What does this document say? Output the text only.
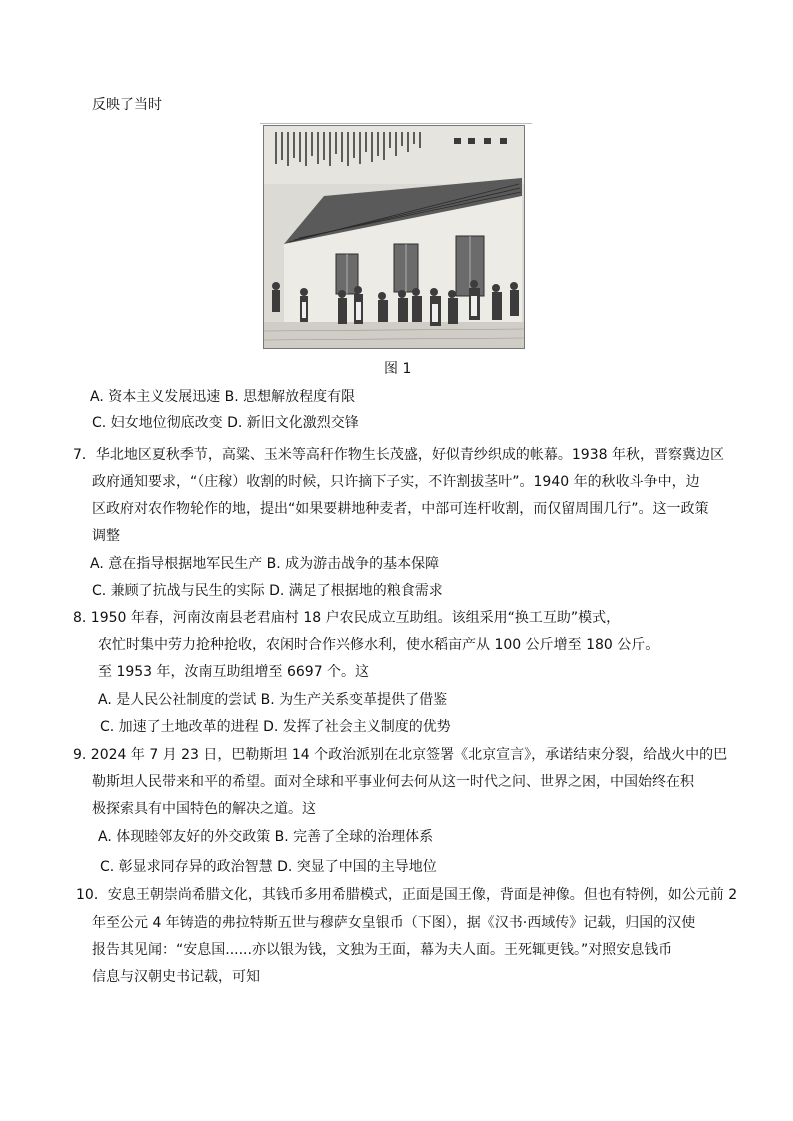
反映了当时
图 1
A. 资本主义发展迅速 B. 思想解放程度有限
C. 妇女地位彻底改变 D. 新旧文化激烈交锋
7．华北地区夏秋季节，高粱、玉米等高秆作物生长茂盛，好似青纱织成的帐幕。1938 年秋，晋察冀边区
政府通知要求，“（庄稼）收割的时候，只许摘下子实，不许割拔茎叶”。1940 年的秋收斗争中，边
区政府对农作物轮作的地，提出“如果要耕地种麦者，中部可连杆收割，而仅留周围几行”。这一政策
调整
A. 意在指导根据地军民生产 B. 成为游击战争的基本保障
C. 兼顾了抗战与民生的实际 D. 满足了根据地的粮食需求
8. 1950 年春，河南汝南县老君庙村 18 户农民成立互助组。该组采用“换工互助”模式，
农忙时集中劳力抢种抢收，农闲时合作兴修水利，使水稻亩产从 100 公斤增至 180 公斤。
至 1953 年，汝南互助组增至 6697 个。这
A. 是人民公社制度的尝试 B. 为生产关系变革提供了借鉴
C. 加速了土地改革的进程 D. 发挥了社会主义制度的优势
9. 2024 年 7 月 23 日，巴勒斯坦 14 个政治派别在北京签署《北京宣言》，承诺结束分裂，给战火中的巴
勒斯坦人民带来和平的希望。面对全球和平事业何去何从这一时代之问、世界之困，中国始终在积
极探索具有中国特色的解决之道。这
A. 体现睦邻友好的外交政策 B. 完善了全球的治理体系
C. 彰显求同存异的政治智慧 D. 突显了中国的主导地位
10．安息王朝崇尚希腊文化，其钱币多用希腊模式，正面是国王像，背面是神像。但也有特例，如公元前 2
年至公元 4 年铸造的弗拉特斯五世与穆萨女皇银币（下图），据《汉书·西域传》记载，归国的汉使
报告其见闻：“安息国......亦以银为钱，文独为王面，幕为夫人面。王死辄更钱。”对照安息钱币
信息与汉朝史书记载，可知
